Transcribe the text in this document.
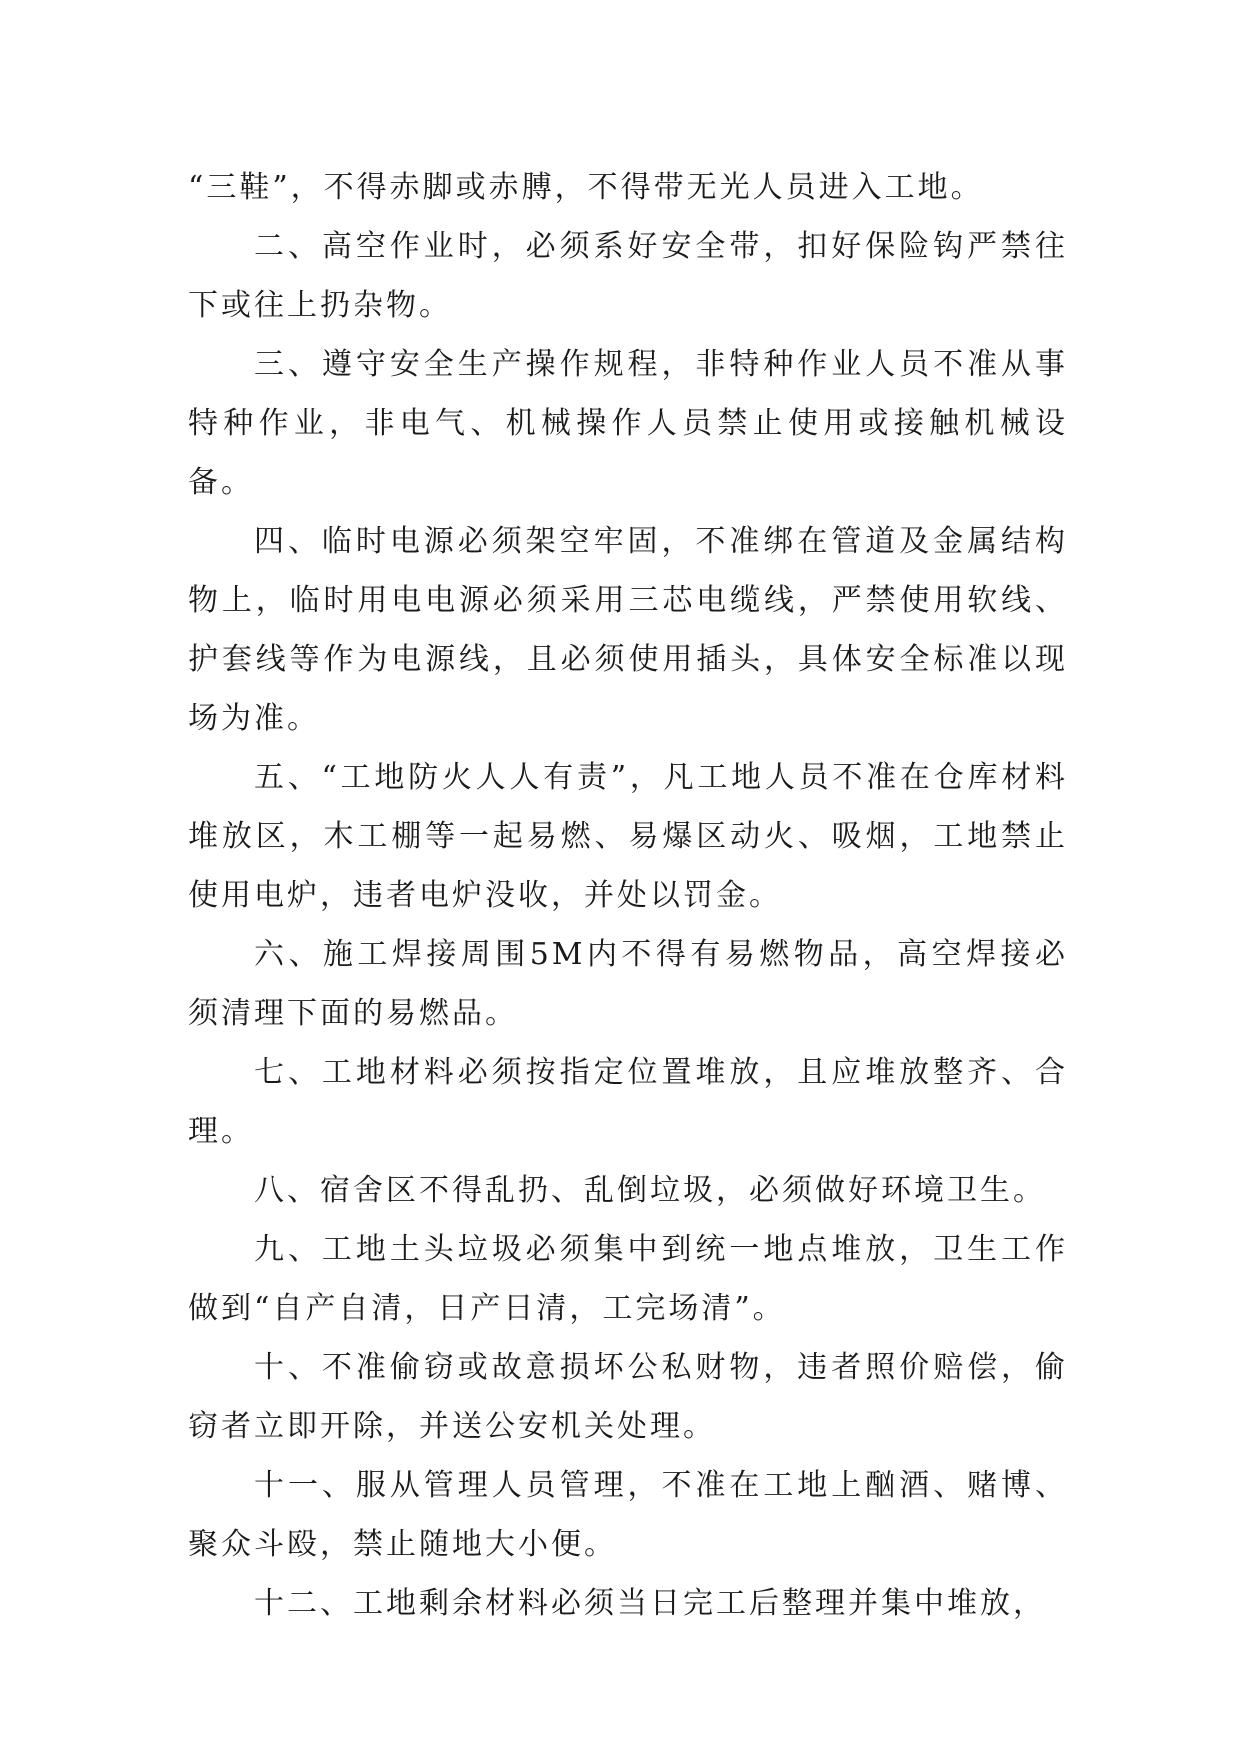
“三鞋”，不得赤脚或赤膊，不得带无光人员进入工地。

二、高空作业时，必须系好安全带，扣好保险钩严禁往下或往上扔杂物。

三、遵守安全生产操作规程，非特种作业人员不准从事特种作业，非电气、机械操作人员禁止使用或接触机械设备。

四、临时电源必须架空牢固，不准绑在管道及金属结构物上，临时用电电源必须采用三芯电缆线，严禁使用软线、护套线等作为电源线，且必须使用插头，具体安全标准以现场为准。

五、“工地防火人人有责”，凡工地人员不准在仓库材料堆放区，木工棚等一起易燃、易爆区动火、吸烟，工地禁止使用电炉，违者电炉没收，并处以罚金。

六、施工焊接周围5M内不得有易燃物品，高空焊接必须清理下面的易燃品。

七、工地材料必须按指定位置堆放，且应堆放整齐、合理。

八、宿舍区不得乱扔、乱倒垃圾，必须做好环境卫生。

九、工地土头垃圾必须集中到统一地点堆放，卫生工作做到“自产自清，日产日清，工完场清”。

十、不准偷窃或故意损坏公私财物，违者照价赔偿，偷窃者立即开除，并送公安机关处理。

十一、服从管理人员管理，不准在工地上酗酒、赌博、聚众斗殴，禁止随地大小便。

十二、工地剩余材料必须当日完工后整理并集中堆放，
